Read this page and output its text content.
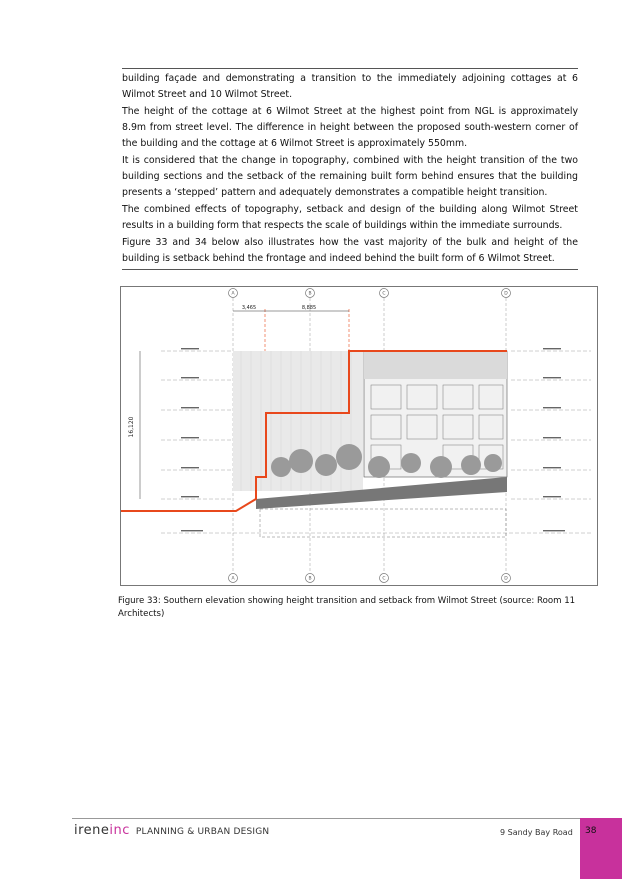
building façade and demonstrating a transition to the immediately adjoining cottages at 6 Wilmot Street and 10 Wilmot Street.

The height of the cottage at 6 Wilmot Street at the highest point from NGL is approximately 8.9m from street level. The difference in height between the proposed south-western corner of the building and the cottage at 6 Wilmot Street is approximately 550mm.

It is considered that the change in topography, combined with the height transition of the two building sections and the setback of the remaining built form behind ensures that the building presents a ‘stepped’ pattern and adequately demonstrates a compatible height transition.

The combined effects of topography, setback and design of the building along Wilmot Street results in a building form that respects the scale of buildings within the immediate surrounds.

Figure 33 and 34 below also illustrates how the vast majority of the bulk and height of the building is setback behind the frontage and indeed behind the built form of 6 Wilmot Street.

A	B	C	D
A	B	C	D
3,465	8,885
16,120
Figure 33: Southern elevation showing height transition and setback from Wilmot Street (source: Room 11 Architects)
ireneinc PLANNING & URBAN DESIGN	9 Sandy Bay Road 38
